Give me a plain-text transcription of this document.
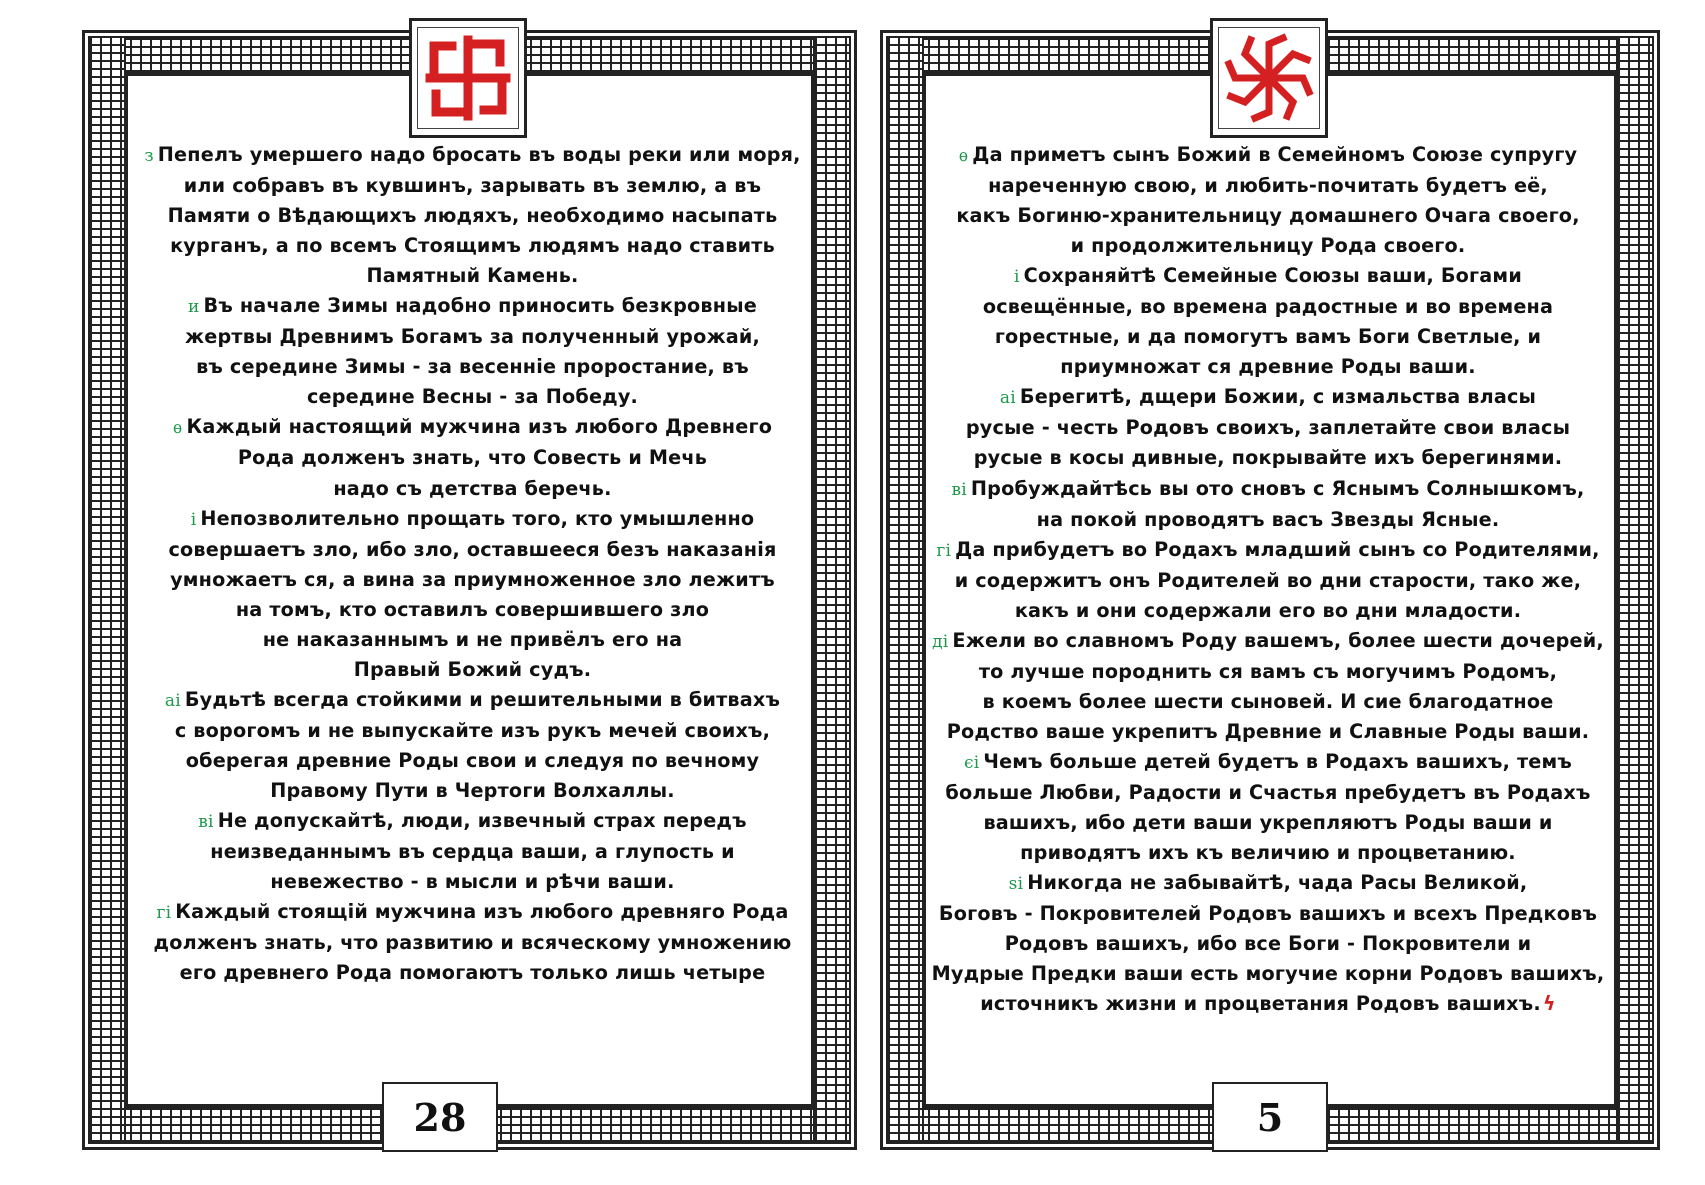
з Пепелъ умершего надо бросать въ воды реки или моря,
или собравъ въ кувшинъ, зарывать въ землю, а въ
Памяти о Вѣдающихъ людяхъ, необходимо насыпать
курганъ, а по всемъ Стоящимъ людямъ надо ставить
Памятный Камень.
и Въ начале Зимы надобно приносить безкровные
жертвы Древнимъ Богамъ за полученный урожай,
въ середине Зимы - за весенніе проростание, въ
середине Весны - за Победу.
ѳ Каждый настоящий мужчина изъ любого Древнего
Рода долженъ знать, что Совесть и Мечь
надо съ детства беречь.
і Непозволительно прощать того, кто умышленно
совершаетъ зло, ибо зло, оставшееся безъ наказанія
умножаетъ ся, а вина за приумноженное зло лежитъ
на томъ, кто оставилъ совершившего зло
не наказаннымъ и не привёлъ его на
Правый Божий судъ.
аі Будьтѣ всегда стойкими и решительными в битвахъ
с ворогомъ и не выпускайте изъ рукъ мечей своихъ,
оберегая древние Роды свои и следуя по вечному
Правому Пути в Чертоги Волхаллы.
ві Не допускайтѣ, люди, извечный страх передъ
неизведаннымъ въ сердца ваши, а глупость и
невежество - в мысли и рѣчи ваши.
гі Каждый стоящій мужчина изъ любого древняго Рода
долженъ знать, что развитию и всяческому умножению
его древнего Рода помогаютъ только лишь четыре
28
ѳ Да приметъ сынъ Божий в Семейномъ Союзе супругу
нареченную свою, и любить-почитать будетъ её,
какъ Богиню-хранительницу домашнего Очага своего,
и продолжительницу Рода своего.
і Сохраняйтѣ Семейные Союзы ваши, Богами
освещённые, во времена радостные и во времена
горестные, и да помогутъ вамъ Боги Светлые, и
приумножат ся древние Роды ваши.
аі Берегитѣ, дщери Божии, с измальства власы
русые - честь Родовъ своихъ, заплетайте свои власы
русые в косы дивные, покрывайте ихъ берегинями.
ві Пробуждайтѣсь вы ото сновъ с Яснымъ Солнышкомъ,
на покой проводятъ васъ Звезды Ясные.
гі Да прибудетъ во Родахъ младший сынъ со Родителями,
и содержитъ онъ Родителей во дни старости, тако же,
какъ и они содержали его во дни младости.
ді Ежели во славномъ Роду вашемъ, более шести дочерей,
то лучше породнить ся вамъ съ могучимъ Родомъ,
в коемъ более шести сыновей. И сие благодатное
Родство ваше укрепитъ Древние и Славные Роды ваши.
єі Чемъ больше детей будетъ в Родахъ вашихъ, темъ
больше Любви, Радости и Счастья пребудетъ въ Родахъ
вашихъ, ибо дети ваши укрепляютъ Роды ваши и
приводятъ ихъ къ величию и процветанию.
ѕі Никогда не забывайтѣ, чада Расы Великой,
Боговъ - Покровителей Родовъ вашихъ и всехъ Предковъ
Родовъ вашихъ, ибо все Боги - Покровители и
Мудрые Предки ваши есть могучие корни Родовъ вашихъ,
источникъ жизни и процветания Родовъ вашихъ. ϟ
5
